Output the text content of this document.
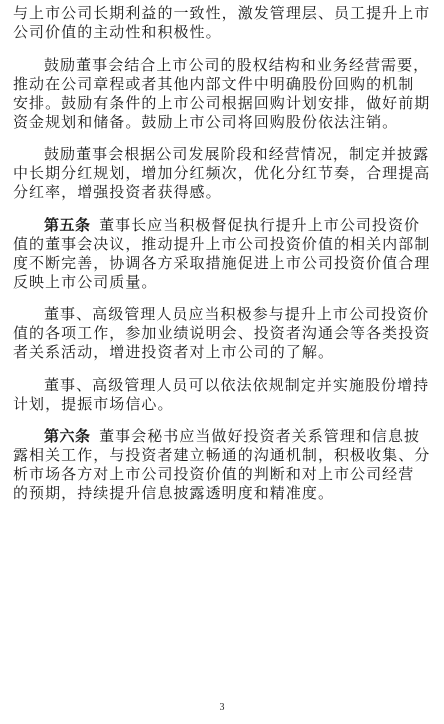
与上市公司长期利益的一致性，激发管理层、员工提升上市
公司价值的主动性和积极性。
鼓励董事会结合上市公司的股权结构和业务经营需要，
推动在公司章程或者其他内部文件中明确股份回购的机制
安排。鼓励有条件的上市公司根据回购计划安排，做好前期
资金规划和储备。鼓励上市公司将回购股份依法注销。
鼓励董事会根据公司发展阶段和经营情况，制定并披露
中长期分红规划，增加分红频次，优化分红节奏，合理提高
分红率，增强投资者获得感。
第五条  董事长应当积极督促执行提升上市公司投资价
值的董事会决议，推动提升上市公司投资价值的相关内部制
度不断完善，协调各方采取措施促进上市公司投资价值合理
反映上市公司质量。
董事、高级管理人员应当积极参与提升上市公司投资价
值的各项工作，参加业绩说明会、投资者沟通会等各类投资
者关系活动，增进投资者对上市公司的了解。
董事、高级管理人员可以依法依规制定并实施股份增持
计划，提振市场信心。
第六条  董事会秘书应当做好投资者关系管理和信息披
露相关工作，与投资者建立畅通的沟通机制，积极收集、分
析市场各方对上市公司投资价值的判断和对上市公司经营
的预期，持续提升信息披露透明度和精准度。
3
